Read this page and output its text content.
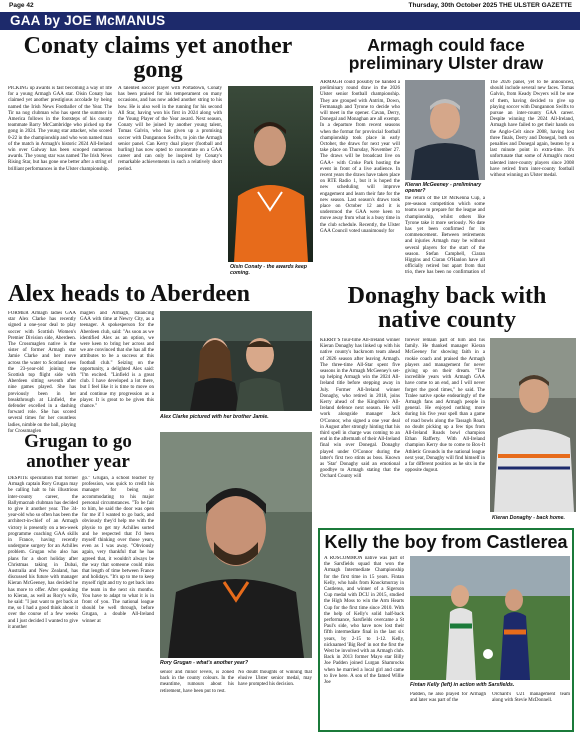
Page 42	Thursday, 30th October 2025 THE ULSTER GAZETTE
GAA by JOE McMANUS
Conaty claims yet another gong
PICKING up awards is fast becoming a way of life for a young Armagh GAA star. Oisin Conaty has claimed yet another prestigious accolade by being named the Irish News Footballer of the Year. The Tir na nog clubman who has spent the summer in America follows in the footsteps of his county teammate Barry McCambridge who picked up the gong in 2024. The young star attacker, who scored 0-22 in the championship and who won named man of the match in Armagh's historic 2024 All-Ireland win over Galway has been scooped numerous awards. The young star was named The Irish News Rising Star, but has gone one better after a string of brilliant performances in the Ulster championship.
A talented soccer player with Portadown, Conaty has been praised for his temperament on many occasions, and has now added another string to his bow. He is also well in the running for his second All Star, having won his first in 2024 along with the Young Player of the Year award. Next season, Conaty will be joined by another young talent, Tomas Galvin, who has given up a promising soccer with Dungannon Swifts, to join the Armagh senior panel. Can Kerry dual player (football and hurling) has now opted to concentrate on a GAA career and can only be inspired by Conaty's remarkable achievements in such a relatively short period.
Oisin Conaty - the awards keep coming.
Armagh could face preliminary Ulster draw
ARMAGH could possibly be handed a preliminary round draw in the 2026 Ulster senior football championship. They are grouped with Antrim, Down, Fermanagh and Tyrone to decide who will meet in the opener. Cavan, Derry, Donegal and Monaghan are all exempt. In a departure from recent seasons when the format for provincial football championship took place in early October, the draws for next year will take place on Thursday, November 27. The draws will be broadcast live on GAA+ with Croke Park hosting the event in front of a live audience. In recent years the draws have taken place on RTE Radio 1, but it is hoped the new scheduling will improve engagement and learn their fate for the new season. Last season's draws took place on October 12 and it is understood the GAA were keen to move away from what is a busy time in the club schedule. Recently, the Ulster GAA Council voted unanimously for
Kieran McGeeney - preliminary opener?
the return of the Dr McKenna Cup, a pre-season competition which some teams use to prepare for the league and championship, whilst others like Tyrone take it more seriously. No date has yet been confirmed for its commencement. Between retirements and injuries Armagh may be without several players for the start of the season. Stefan Campbell, Ciaran Higgins and Ciaran O'Hanlon have all officially retired but apart from that trio, there has been no confirmation of
The 2026 panel, yet to be announced, should include several new faces. Tomas Galvin, from Keady Dwyers will be one of them, having decided to give up playing soccer with Dungannon Swifts to pursue an inter-county GAA career. Despite winning the 2024 All-Ireland, Armagh have failed to get their hands on the Anglo-Celt since 2008, having lost three finals, Derry and Donegal, both on penalties and Donegal again, beaten by a last minute point in extra-time. It's unfortunate that some of Armagh's most talented inter-county players since 2008 have retired from inter-county football without winning an Ulster medal.
Alex heads to Aberdeen
FORMER Armagh ladies GAA star Alex Clarke has recently signed a one-year deal to play soccer with Scottish Women's Premier Division side, Aberdeen. The Crossmaglen native is the sister of former Armagh star Jamie Clarke and her move across the water to Scotland sees the 23-year-old joining the Scottish top flight side with Aberdeen sitting seventh after nine games played. She has previously been in her breakthrough at Linfield, the defender excelled in a dashing forward role. She has scored several times for her countless ladies, nimble on the ball, playing for Crossmaglen
maglen and Armagh, balancing GAA with time at Newry City, as a teenager. A spokesperson for the Aberdeen club, said: "As soon as we identified Alex as an option, we were keen to bring her across and we are convinced that she has all the attributes to be a success at this football club." Seizing on the opportunity, a delighted Alex said: "I'm excited. "Linfield is a great club. I have developed a lot there, but I feel like it is time to move on and continue my progression as a player. It is great to be given this chance."
Alex Clarke pictured with her brother Jamie.
Donaghy back with native county
KERRY'S four-time All-Ireland winner Kieran Donaghy has linked up with his native county's backroom team ahead of 2026 season after leaving Armagh. The three-time All-Star spent five seasons in the Armagh McGeeney's set-up helping Armagh win the 2024 All-Ireland title before stepping away in July. Former All-Ireland winner Donaghy, who retired in 2018, joins Kerry ahead of the Kingdom's All-Ireland defence next season. He will work alongside manager Jack O'Connor, who signed a one year deal in August after strongly hinting that his third spell in charge was coming to an end in the aftermath of their All-Ireland final win over Donegal. Donaghy played under O'Connor during the latter's first two stints as boss. Known as 'Star' Donaghy said an emotional goodbye to Armagh stating that the Orchard County will
forever remain part of him and his family. He thanked manager Kieran McGeeney for showing faith in a rookie coach and praised the Armagh players and management for never giving up on their dream. "The incredible years with Armagh GAA have come to an end, and I will never forget the good times," he said. The Tralee native spoke endearingly of the Armagh fans and Armagh people in general. He enjoyed nothing more during his five year spell than a game of road bowls along the Tassagh Road, no doubt picking up a few tips from All-Ireland Roads bowl champion Ethan Rafferty. With All-Ireland champion Kerry due to come to Box-It Athletic Grounds in the national league next year, Donaghy will find himself in a far different position as he sits in the opposite dugout.
Kieran Donaghy - back home.
Grugan to go another year
DESPITE speculation that former Armagh captain Rory Grugan may be calling halt to his illustrious inter-county career, the Ballymacnab clubman has decided to give it another year. The 34-year-old who so often has been the architect-in-chief of an Armagh victory is presently on a ten-week programme coaching GAA skills in France, having recently undergone surgery for an Achilles problem. Grugan who also has plans for a short holiday after Christmas taking in Dubai, Australia and New Zealand, has discussed his future with manager Kieran McGeeney, has decided he has more to offer. After speaking to Kieran, as well as Rory's wife, he said: "I just want to get back at me, so I had a good think about it over the course of a few weeks and I just decided I wanted to give it another
go." Grugan, a school teacher by profession, was quick to credit his manager for being so accommodating to his major personal circumstances. "To be fair to him, he said the door was open for me if I wanted to go back, and obviously they'd help me with the physio to get my Achilles sorted and he respected that I'd been myself thinking over those years, even as I was away. "Obviously again, very thankful that he has agreed that, it wouldn't always be the way that someone could miss that length of time between France and holidays. "It's up to me to keep myself right and try to get back into the team in the next six months. You have to adapt to what it is in front of you. The national league should be well through, before Grugan, a double All-Ireland winner at
Rory Grugan - what's another year?
senior and minor levels, is zoned back in the county colours. In the meantime, rumours about his retirement, have been put to rest.
No doubt thoughts of winning that elusive Ulster senior medal, may have prompted his decision.
Kelly the boy from Castlerea
A ROSCOMMON native was part of the Sarsfields squad that won the Armagh Intermediate Championship for the first time in 15 years. Fintan Kelly, who hails from Knockmurray in Castlerea, and winner of a Sigerson Cup medal with DCU in 2015, studied the High Moss to win the Arm Hearts Cup for the first time since 2010. With the help of Kelly's solid half-back performance, Sarsfields overcame a St Paul's side, who have now lost their fifth intermediate final in the last six years, by 2-15 to 1-12. Kelly, nicknamed 'Big Red' in not the first the West be involved with an Armagh club. Back in 2013 former Mayo star Billy Joe Padden joined Lurgan Shamrocks when he married a local girl and came to live here. A son of the famed Willie Joe	Fintan Kelly (left) in action with Sarsfields.
Padden, he also played for Armagh and later was part of the
Orchard's U21 management team along with Stevie McDonnell.
